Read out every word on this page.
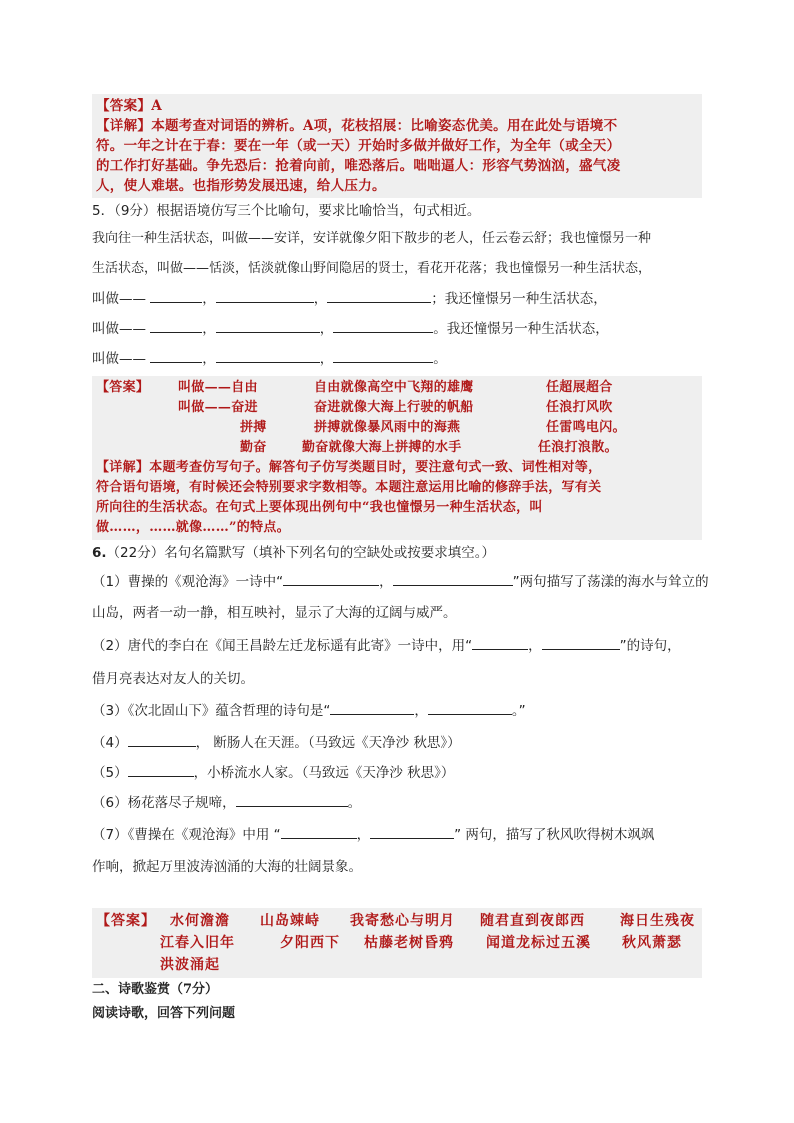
【答案】A
【详解】本题考查对词语的辨析。A项，花枝招展：比喻姿态优美。用在此处与语境不
符。一年之计在于春：要在一年（或一天）开始时多做并做好工作，为全年（或全天）
的工作打好基础。争先恐后：抢着向前，唯恐落后。咄咄逼人：形容气势汹汹，盛气凌
人，使人难堪。也指形势发展迅速，给人压力。
5．（9分）根据语境仿写三个比喻句，要求比喻恰当，句式相近。
我向往一种生活状态，叫做——安详，安详就像夕阳下散步的老人，任云卷云舒；我也憧憬另一种
生活状态，叫做——恬淡，恬淡就像山野间隐居的贤士，看花开花落；我也憧憬另一种生活状态，
叫做——	，	，	；我还憧憬另一种生活状态，
叫做——	，	，	。我还憧憬另一种生活状态，
叫做——	，	，	。
【答案】 叫做——自由	自由就像高空中飞翔的雄鹰	任超展超合
叫做——奋进	奋进就像大海上行驶的帆船	任浪打风吹
拼搏	拼搏就像暴风雨中的海燕	任雷鸣电闪。
勤奋	勤奋就像大海上拼搏的水手	任浪打浪散。
【详解】本题考查仿写句子。解答句子仿写类题目时，要注意句式一致、词性相对等，
符合语句语境，有时候还会特别要求字数相等。本题注意运用比喻的修辞手法，写有关
所向往的生活状态。在句式上要体现出例句中“我也憧憬另一种生活状态，叫
做……，……就像……”的特点。
6.（22分）名句名篇默写（填补下列名句的空缺处或按要求填空。）
（1）曹操的《观沧海》一诗中“	，	”两句描写了荡漾的海水与耸立的
山岛，两者一动一静，相互映衬，显示了大海的辽阔与威严。
（2）唐代的李白在《闻王昌龄左迁龙标遥有此寄》一诗中，用“	，	”的诗句，
借月亮表达对友人的关切。
（3）《次北固山下》蕴含哲理的诗句是“	，	。”
（4）	， 断肠人在天涯。（马致远《天净沙 秋思》）
（5）	，小桥流水人家。（马致远《天净沙 秋思》）
（6）杨花落尽子规啼，	。
（7）《曹操在《观沧海》中用 “	，	” 两句，描写了秋风吹得树木飒飒
作响，掀起万里波涛汹涌的大海的壮阔景象。
【答案】 水何澹澹 山岛竦峙 我寄愁心与明月 随君直到夜郎西	海日生残夜
江春入旧年	夕阳西下 枯藤老树昏鸦 闻道龙标过五溪 秋风萧瑟
洪波涌起
二、诗歌鉴赏（7分）
阅读诗歌，回答下列问题
